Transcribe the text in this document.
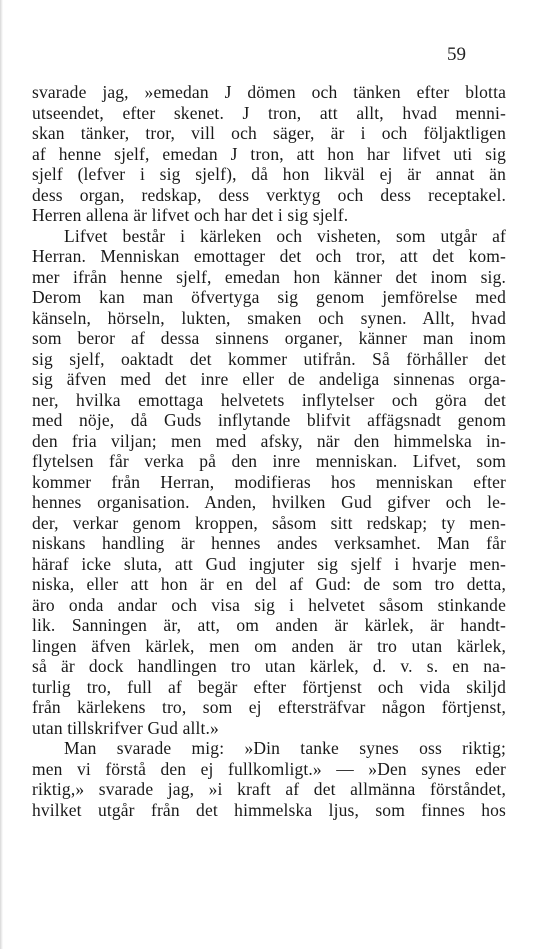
59
svarade jag, »emedan J dömen och tänken efter blotta
utseendet, efter skenet. J tron, att allt, hvad menni-
skan tänker, tror, vill och säger, är i och följaktligen
af henne sjelf, emedan J tron, att hon har lifvet uti sig
sjelf (lefver i sig sjelf), då hon likväl ej är annat än
dess organ, redskap, dess verktyg och dess receptakel.
Herren allena är lifvet och har det i sig sjelf.
Lifvet består i kärleken och visheten, som utgår af
Herran. Menniskan emottager det och tror, att det kom-
mer ifrån henne sjelf, emedan hon känner det inom sig.
Derom kan man öfvertyga sig genom jemförelse med
känseln, hörseln, lukten, smaken och synen. Allt, hvad
som beror af dessa sinnens organer, känner man inom
sig sjelf, oaktadt det kommer utifrån. Så förhåller det
sig äfven med det inre eller de andeliga sinnenas orga-
ner, hvilka emottaga helvetets inflytelser och göra det
med nöje, då Guds inflytande blifvit affägsnadt genom
den fria viljan; men med afsky, när den himmelska in-
flytelsen får verka på den inre menniskan. Lifvet, som
kommer från Herran, modifieras hos menniskan efter
hennes organisation. Anden, hvilken Gud gifver och le-
der, verkar genom kroppen, såsom sitt redskap; ty men-
niskans handling är hennes andes verksamhet. Man får
häraf icke sluta, att Gud ingjuter sig sjelf i hvarje men-
niska, eller att hon är en del af Gud: de som tro detta,
äro onda andar och visa sig i helvetet såsom stinkande
lik. Sanningen är, att, om anden är kärlek, är handt-
lingen äfven kärlek, men om anden är tro utan kärlek,
så är dock handlingen tro utan kärlek, d. v. s. en na-
turlig tro, full af begär efter förtjenst och vida skiljd
från kärlekens tro, som ej eftersträfvar någon förtjenst,
utan tillskrifver Gud allt.»
Man svarade mig: »Din tanke synes oss riktig;
men vi förstå den ej fullkomligt.» — »Den synes eder
riktig,» svarade jag, »i kraft af det allmänna förståndet,
hvilket utgår från det himmelska ljus, som finnes hos
